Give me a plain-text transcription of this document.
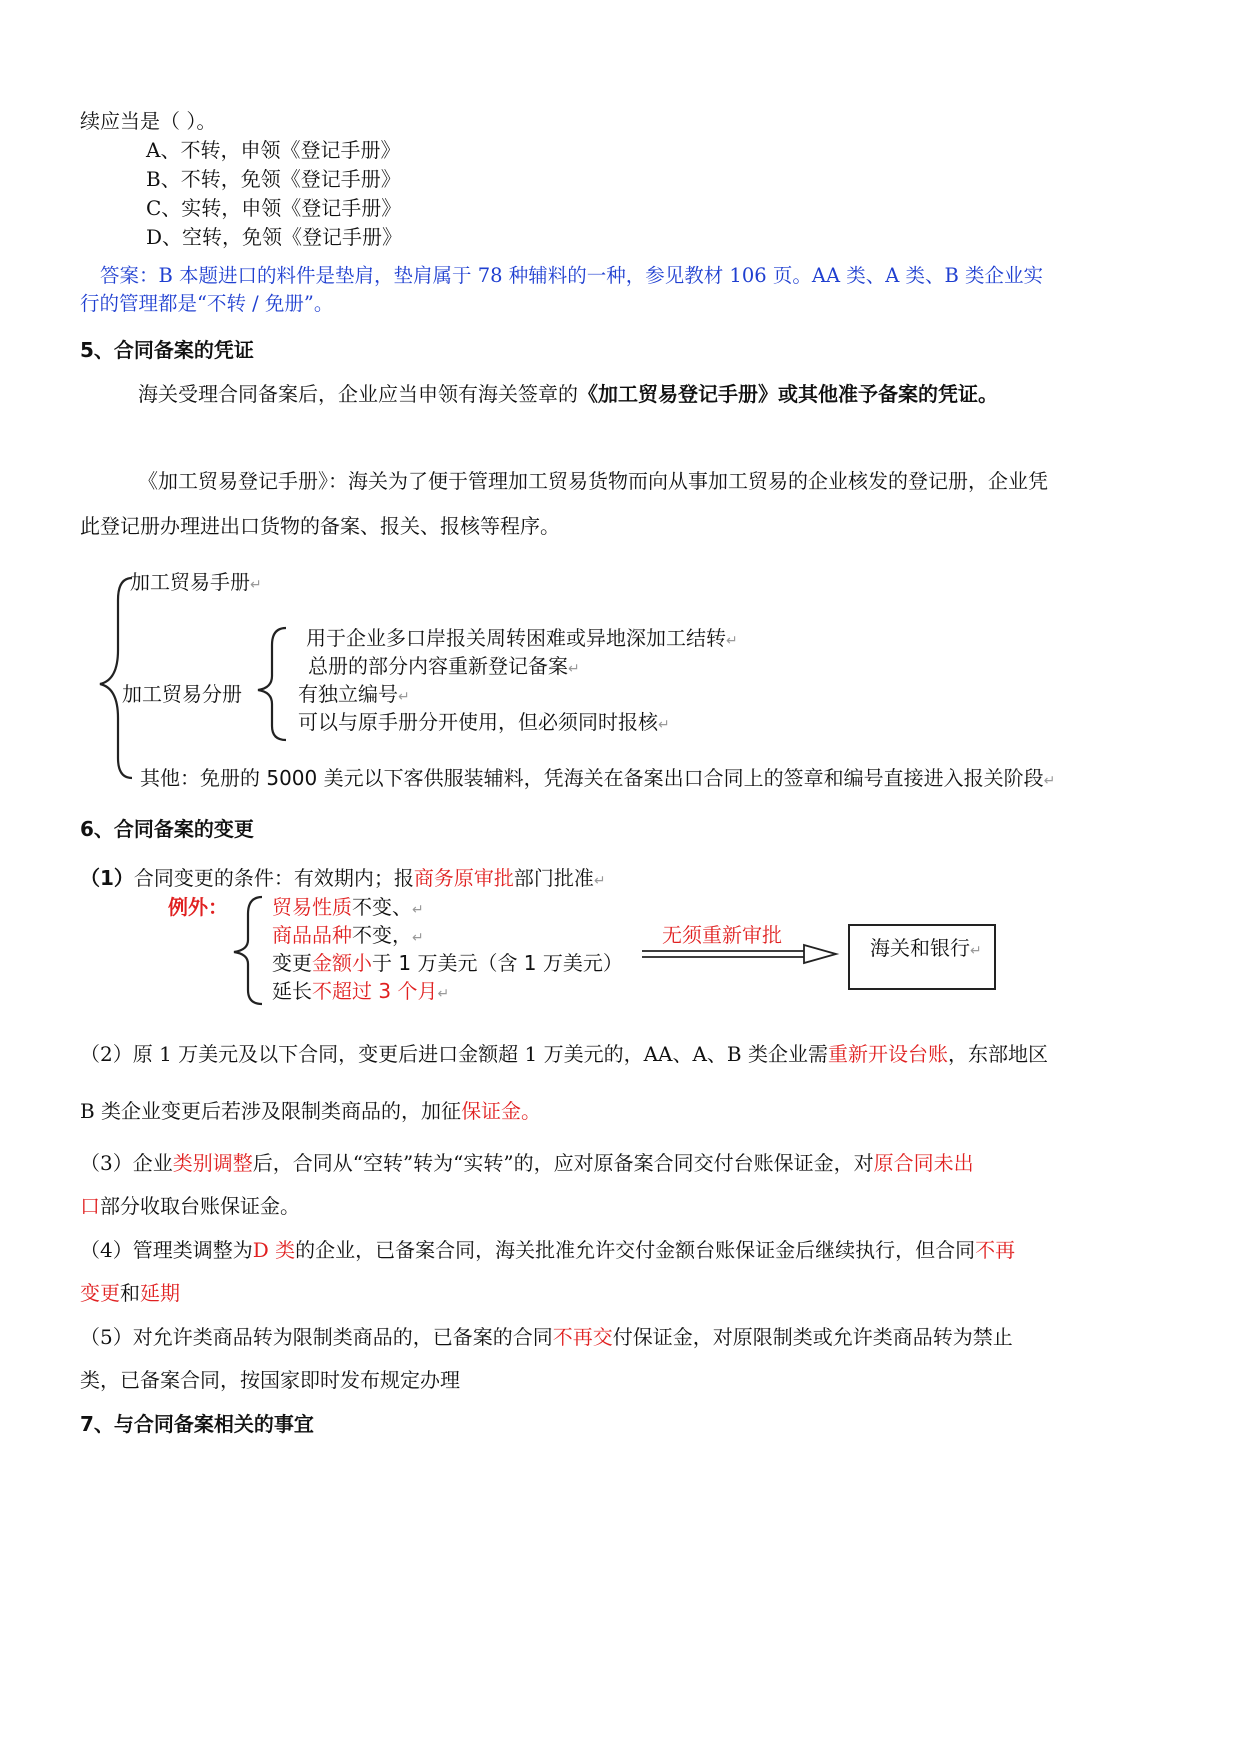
续应当是（ ）。
A、不转，申领《登记手册》
B、不转，免领《登记手册》
C、实转，申领《登记手册》
D、空转，免领《登记手册》
答案：B 本题进口的料件是垫肩，垫肩属于 78 种辅料的一种，参见教材 106 页。AA 类、A 类、B 类企业实
行的管理都是“不转 / 免册”。
5、合同备案的凭证
海关受理合同备案后，企业应当申领有海关签章的《加工贸易登记手册》或其他准予备案的凭证。
《加工贸易登记手册》：海关为了便于管理加工贸易货物而向从事加工贸易的企业核发的登记册，企业凭
此登记册办理进出口货物的备案、报关、报核等程序。
加工贸易手册↵
加工贸易分册
用于企业多口岸报关周转困难或异地深加工结转↵
总册的部分内容重新登记备案↵
有独立编号↵
可以与原手册分开使用，但必须同时报核↵
其他：免册的 5000 美元以下客供服装辅料，凭海关在备案出口合同上的签章和编号直接进入报关阶段↵
6、合同备案的变更
（1）合同变更的条件：有效期内；报商务原审批部门批准↵
例外： 贸易性质不变、↵
商品品种不变，↵
变更金额小于 1 万美元（含 1 万美元）
延长不超过 3 个月↵
无须重新审批
海关和银行↵
（2）原 1 万美元及以下合同，变更后进口金额超 1 万美元的，AA、A、B 类企业需重新开设台账，东部地区
B 类企业变更后若涉及限制类商品的，加征保证金。
（3）企业类别调整后，合同从“空转”转为“实转”的，应对原备案合同交付台账保证金，对原合同未出
口部分收取台账保证金。
（4）管理类调整为D 类的企业，已备案合同，海关批准允许交付金额台账保证金后继续执行，但合同不再
变更和延期
（5）对允许类商品转为限制类商品的，已备案的合同不再交付保证金，对原限制类或允许类商品转为禁止
类，已备案合同，按国家即时发布规定办理
7、与合同备案相关的事宜
